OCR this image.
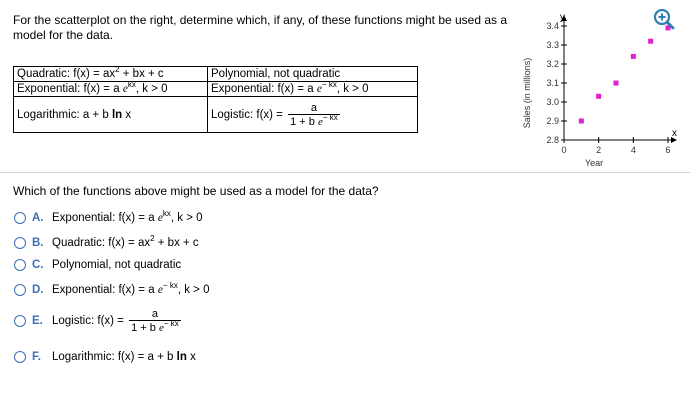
For the scatterplot on the right, determine which, if any, of these functions might be used as a model for the data.
Quadratic: $f(x) = ax^2$ + bx + c	Polynomial, not quadratic
Exponential: f(x) = a $e^{kx}$, k > 0	Exponential: f(x) = a $e^{- kx}$, k > 0
Logarithmic: a + b ln x	Logistic: $f(x) = \frac{a}{1 + b e^{- kx}}$
y
x
2.8
2.9
3.0
3.1
3.2
3.3
3.4
0	2	4	6
Year
Sales (in millions)
Which of the functions above might be used as a model for the data?
A. Exponential: f(x) = a $e^{kx}$, k > 0
B. Quadratic: $f(x) = ax^2$ + bx + c
C. Polynomial, not quadratic
D. Exponential: f(x) = a $e^{- kx}$, k > 0
E. Logistic: $f(x) = \frac{a}{1 + b e^{- kx}}$
F. Logarithmic: f(x) = a + b ln x
